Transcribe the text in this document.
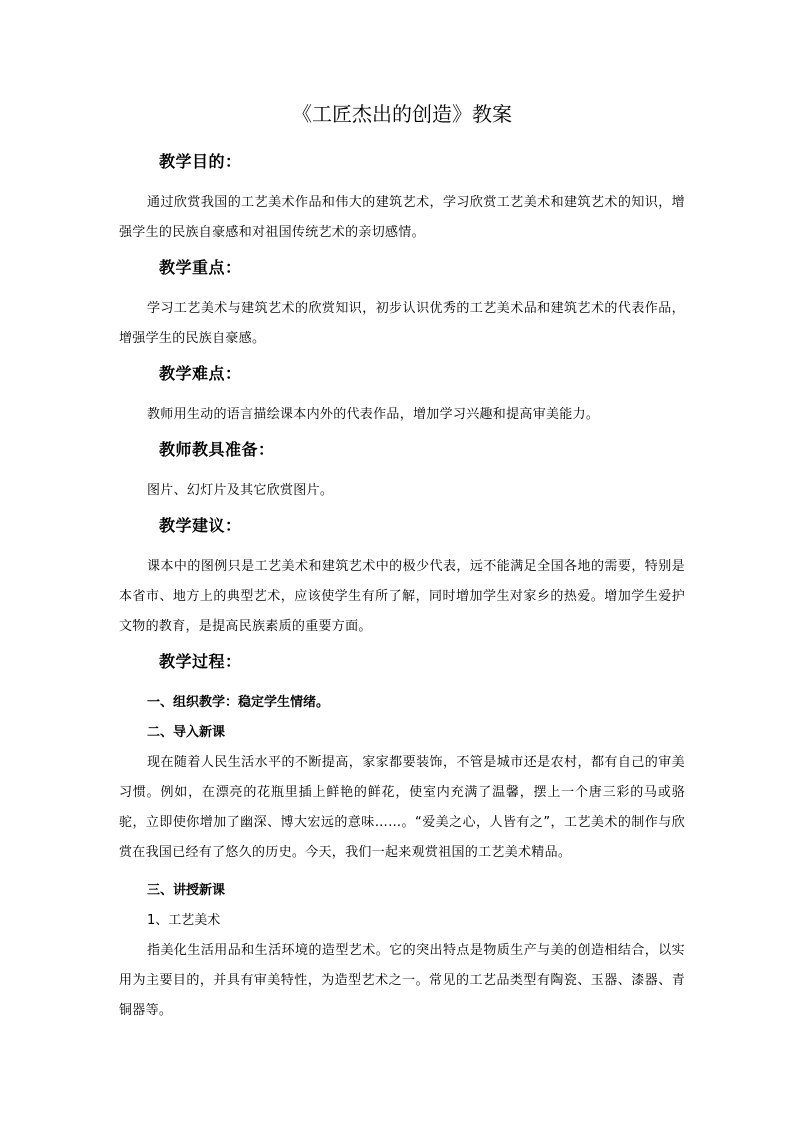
《工匠杰出的创造》教案
教学目的：

通过欣赏我国的工艺美术作品和伟大的建筑艺术，学习欣赏工艺美术和建筑艺术的知识，增强学生的民族自豪感和对祖国传统艺术的亲切感情。

教学重点：

学习工艺美术与建筑艺术的欣赏知识，初步认识优秀的工艺美术品和建筑艺术的代表作品，增强学生的民族自豪感。

教学难点：

教师用生动的语言描绘课本内外的代表作品，增加学习兴趣和提高审美能力。

教师教具准备：

图片、幻灯片及其它欣赏图片。

教学建议：

课本中的图例只是工艺美术和建筑艺术中的极少代表，远不能满足全国各地的需要，特别是本省市、地方上的典型艺术，应该使学生有所了解，同时增加学生对家乡的热爱。增加学生爱护文物的教育，是提高民族素质的重要方面。

教学过程：
一、组织教学：稳定学生情绪。
二、导入新课

现在随着人民生活水平的不断提高，家家都要装饰，不管是城市还是农村，都有自己的审美习惯。例如，在漂亮的花瓶里插上鲜艳的鲜花，使室内充满了温馨，摆上一个唐三彩的马或骆驼，立即使你增加了幽深、博大宏远的意味……。“爱美之心，人皆有之”，工艺美术的制作与欣赏在我国已经有了悠久的历史。今天，我们一起来观赏祖国的工艺美术精品。

三、讲授新课
1、工艺美术

指美化生活用品和生活环境的造型艺术。它的突出特点是物质生产与美的创造相结合，以实用为主要目的，并具有审美特性，为造型艺术之一。常见的工艺品类型有陶瓷、玉器、漆器、青铜器等。
